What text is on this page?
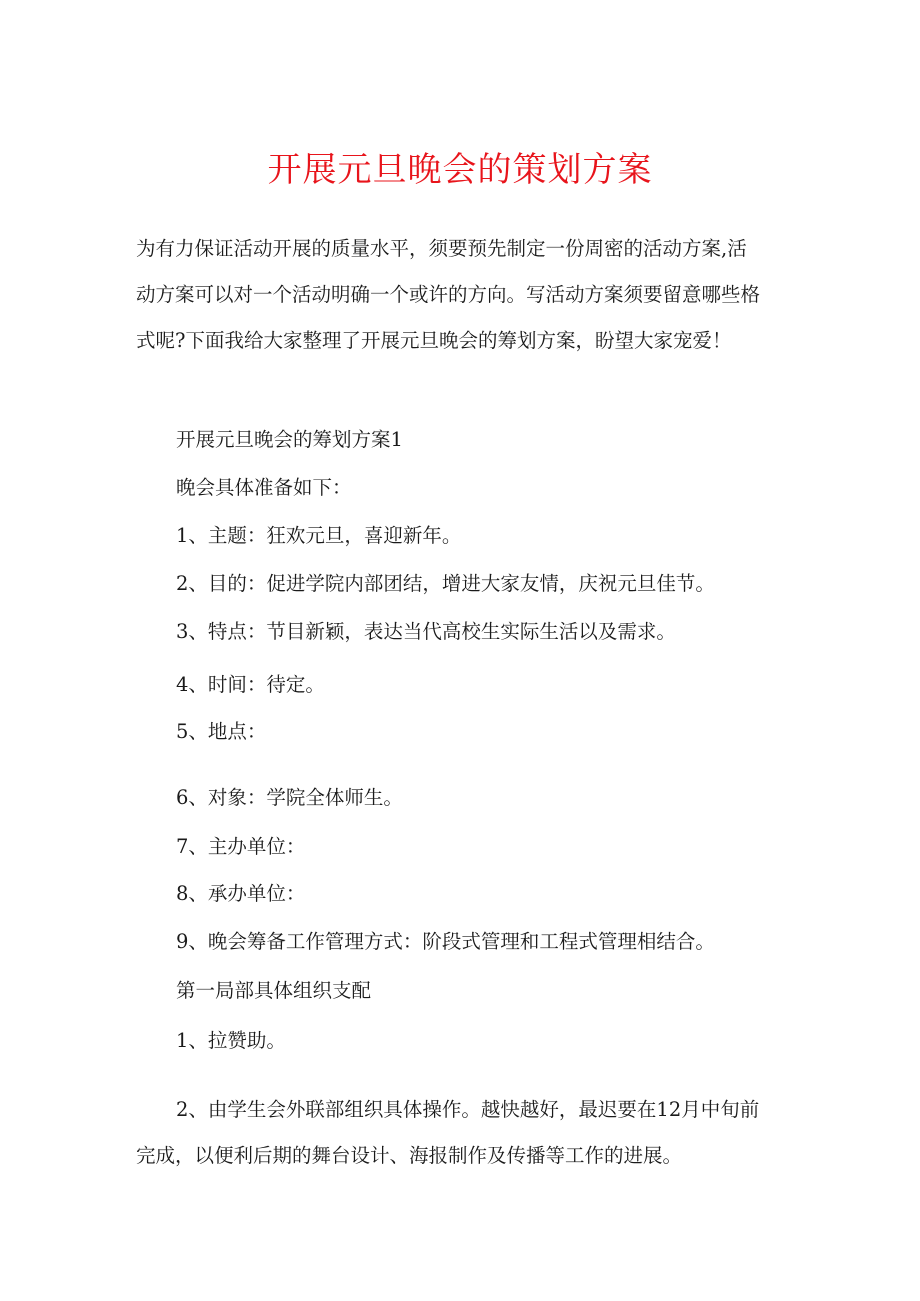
开展元旦晚会的策划方案
为有力保证活动开展的质量水平，须要预先制定一份周密的活动方案,活
动方案可以对一个活动明确一个或许的方向。写活动方案须要留意哪些格
式呢?下面我给大家整理了开展元旦晚会的筹划方案，盼望大家宠爱！
开展元旦晚会的筹划方案1
晚会具体准备如下：
1、主题：狂欢元旦，喜迎新年。
2、目的：促进学院内部团结，增进大家友情，庆祝元旦佳节。
3、特点：节目新颖，表达当代高校生实际生活以及需求。
4、时间：待定。
5、地点：
6、对象：学院全体师生。
7、主办单位：
8、承办单位：
9、晚会筹备工作管理方式：阶段式管理和工程式管理相结合。
第一局部具体组织支配
1、拉赞助。
2、由学生会外联部组织具体操作。越快越好，最迟要在12月中旬前
完成，以便利后期的舞台设计、海报制作及传播等工作的进展。
